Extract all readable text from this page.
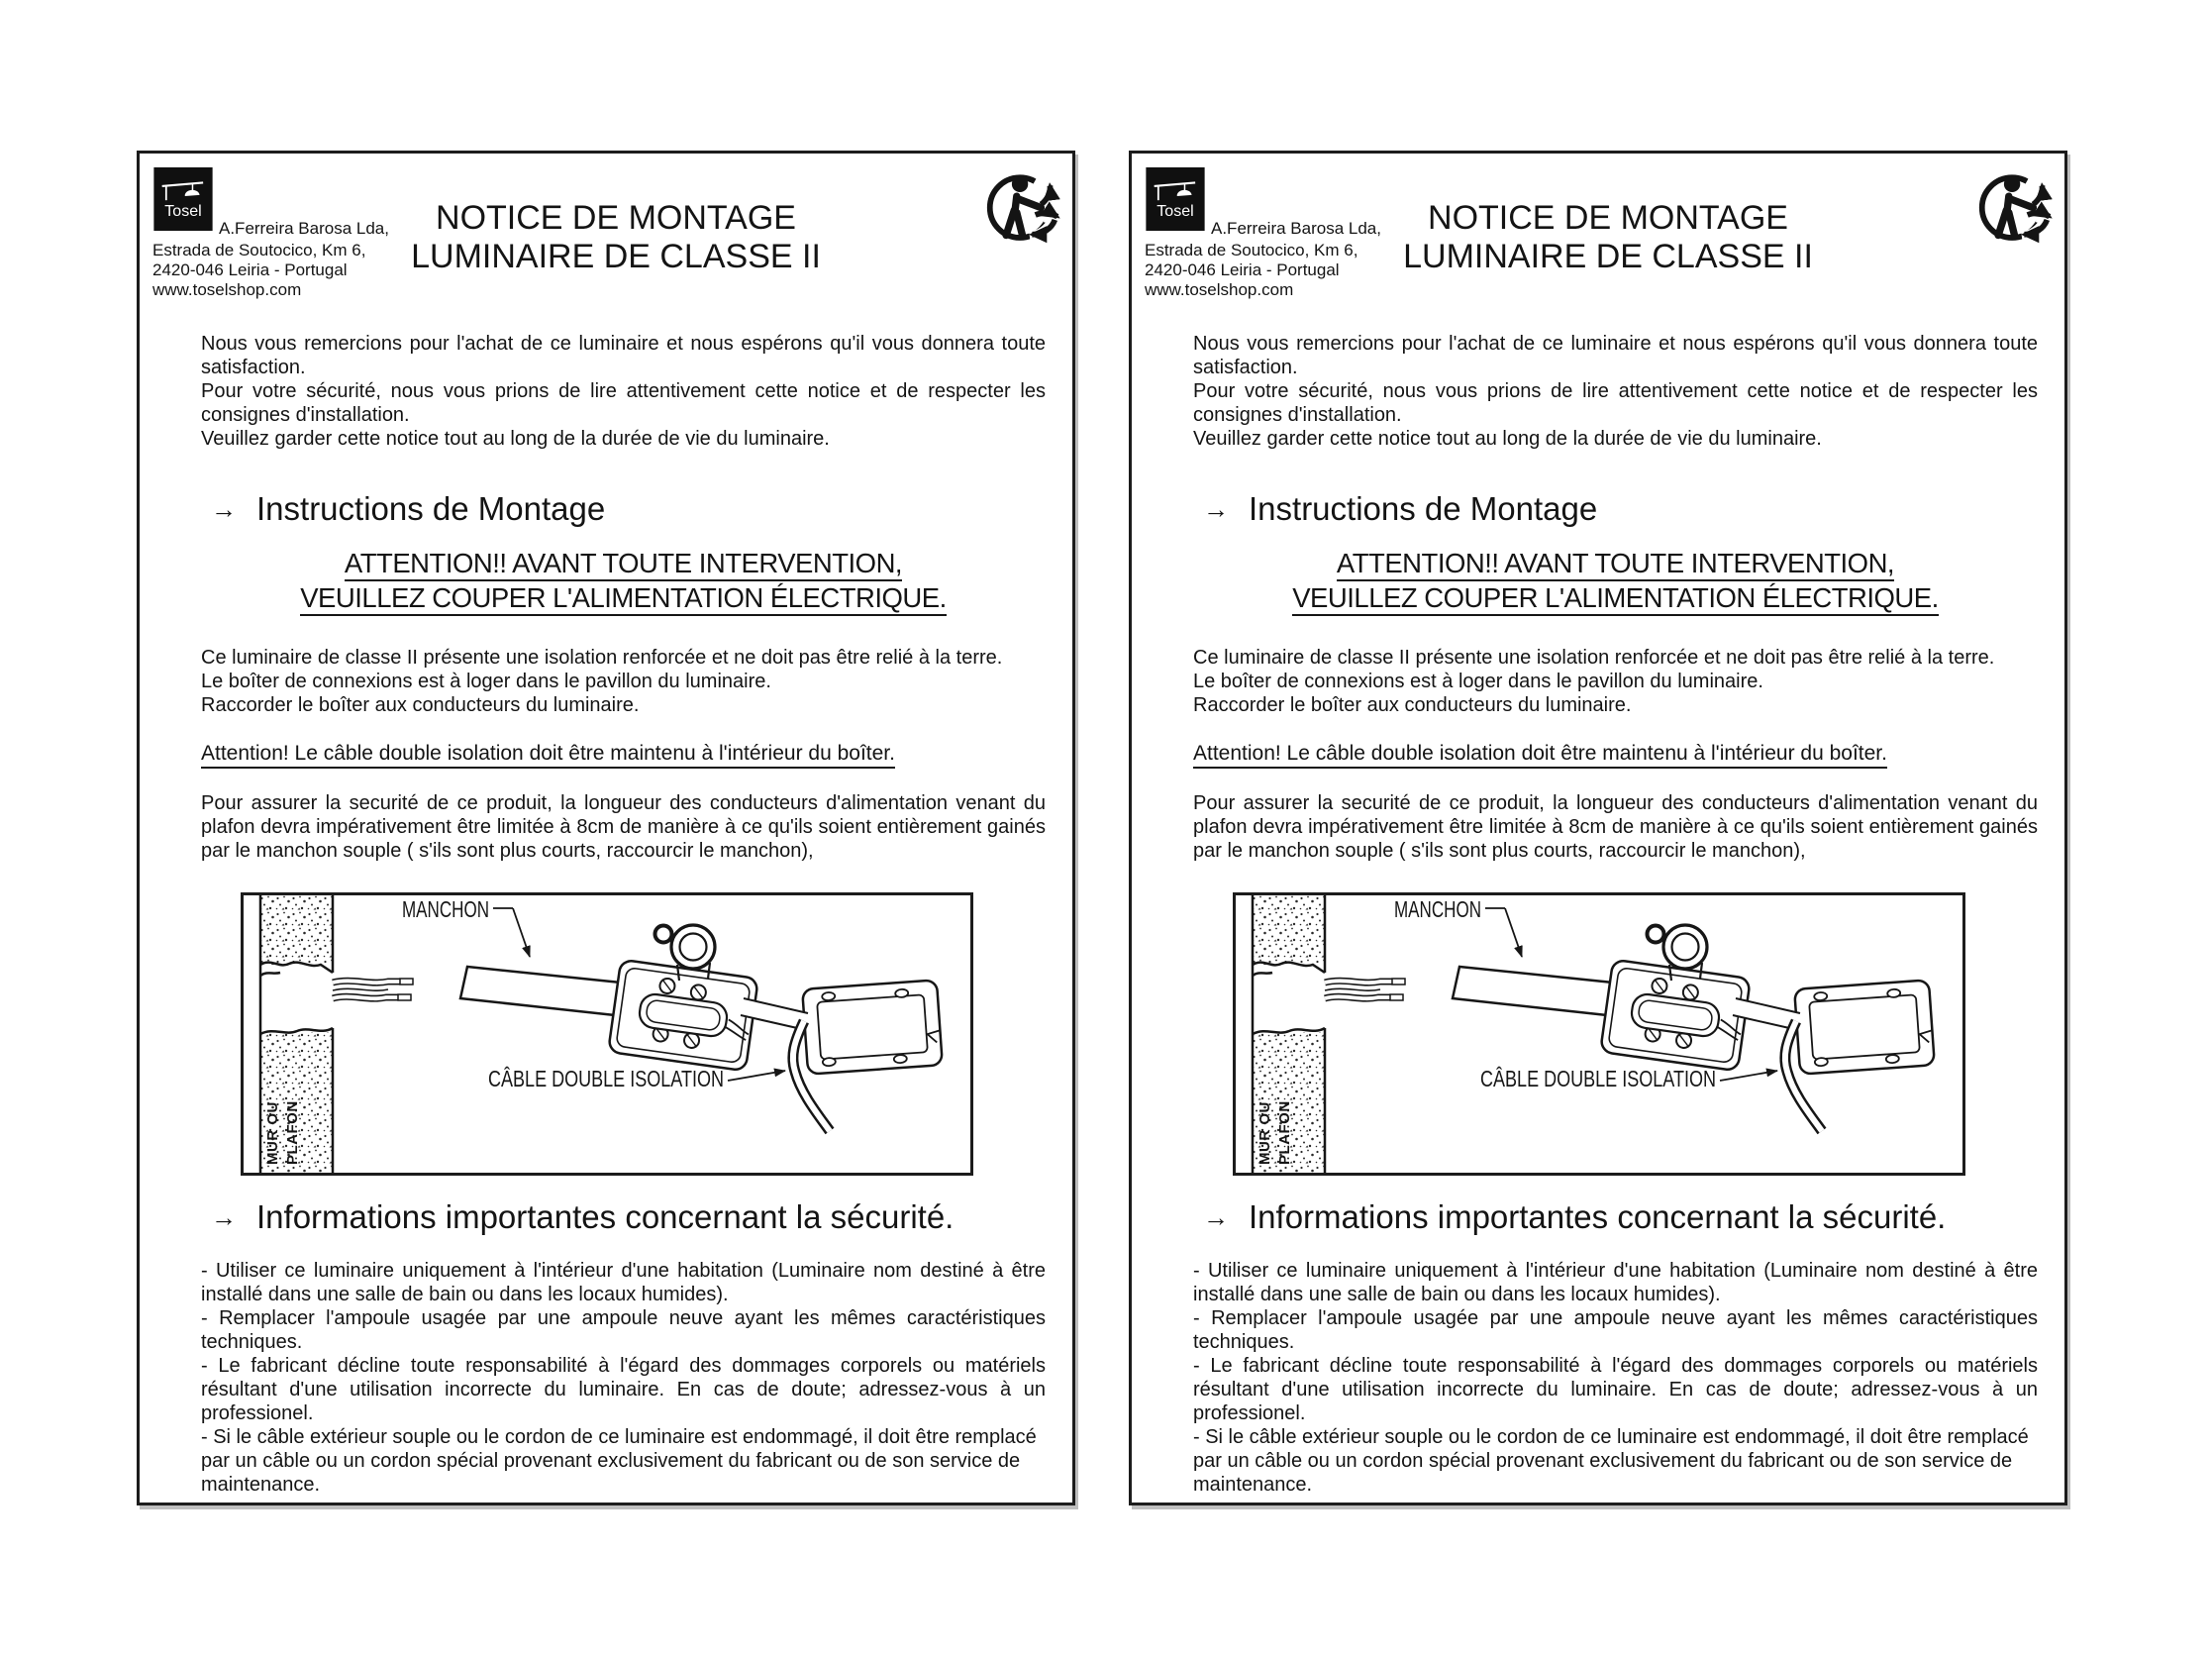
Tosel
A.Ferreira Barosa Lda,
Estrada de Soutocico, Km 6,
2420-046 Leiria - Portugal
www.toselshop.com
NOTICE DE MONTAGE
LUMINAIRE DE CLASSE II

Nous vous remercions pour l'achat de ce luminaire et nous espérons qu'il vous donnera toute satisfaction.

Pour votre sécurité, nous vous prions de lire attentivement cette notice et de respecter les consignes d'installation.

Veuillez garder cette notice tout au long de la durée de vie du luminaire.

→ Instructions de Montage
ATTENTION!! AVANT TOUTE INTERVENTION,
VEUILLEZ COUPER L'ALIMENTATION ÉLECTRIQUE.

Ce luminaire de classe II présente une isolation renforcée et ne doit pas être relié à la terre.

Le boîter de connexions est à loger dans le pavillon du luminaire.

Raccorder le boîter aux conducteurs du luminaire.

Attention! Le câble double isolation doit être maintenu à l'intérieur du boîter.

Pour assurer la securité de ce produit, la longueur des conducteurs d'alimentation venant du plafon devra impérativement être limitée à 8cm de manière à ce qu'ils soient entièrement gainés par le manchon souple ( s'ils sont plus courts, raccourcir le manchon),

MUR OU PLAFON
MANCHON
CÂBLE DOUBLE ISOLATION
→ Informations importantes concernant la sécurité.

- Utiliser ce luminaire uniquement à l'intérieur d'une habitation (Luminaire nom destiné à être installé dans une salle de bain ou dans les locaux humides).

- Remplacer l'ampoule usagée par une ampoule neuve ayant les mêmes caractéristiques techniques.

- Le fabricant décline toute responsabilité à l'égard des dommages corporels ou matériels résultant d'une utilisation incorrecte du luminaire. En cas de doute; adressez-vous à un professionel.

- Si le câble extérieur souple ou le cordon de ce luminaire est endommagé, il doit être remplacé par un câble ou un cordon spécial provenant exclusivement du fabricant ou de son service de maintenance.

Tosel
A.Ferreira Barosa Lda,
Estrada de Soutocico, Km 6,
2420-046 Leiria - Portugal
www.toselshop.com
NOTICE DE MONTAGE
LUMINAIRE DE CLASSE II

Nous vous remercions pour l'achat de ce luminaire et nous espérons qu'il vous donnera toute satisfaction.

Pour votre sécurité, nous vous prions de lire attentivement cette notice et de respecter les consignes d'installation.

Veuillez garder cette notice tout au long de la durée de vie du luminaire.

→ Instructions de Montage
ATTENTION!! AVANT TOUTE INTERVENTION,
VEUILLEZ COUPER L'ALIMENTATION ÉLECTRIQUE.

Ce luminaire de classe II présente une isolation renforcée et ne doit pas être relié à la terre.

Le boîter de connexions est à loger dans le pavillon du luminaire.

Raccorder le boîter aux conducteurs du luminaire.

Attention! Le câble double isolation doit être maintenu à l'intérieur du boîter.

Pour assurer la securité de ce produit, la longueur des conducteurs d'alimentation venant du plafon devra impérativement être limitée à 8cm de manière à ce qu'ils soient entièrement gainés par le manchon souple ( s'ils sont plus courts, raccourcir le manchon),

MUR OU PLAFON
MANCHON
CÂBLE DOUBLE ISOLATION
→ Informations importantes concernant la sécurité.

- Utiliser ce luminaire uniquement à l'intérieur d'une habitation (Luminaire nom destiné à être installé dans une salle de bain ou dans les locaux humides).

- Remplacer l'ampoule usagée par une ampoule neuve ayant les mêmes caractéristiques techniques.

- Le fabricant décline toute responsabilité à l'égard des dommages corporels ou matériels résultant d'une utilisation incorrecte du luminaire. En cas de doute; adressez-vous à un professionel.

- Si le câble extérieur souple ou le cordon de ce luminaire est endommagé, il doit être remplacé par un câble ou un cordon spécial provenant exclusivement du fabricant ou de son service de maintenance.
